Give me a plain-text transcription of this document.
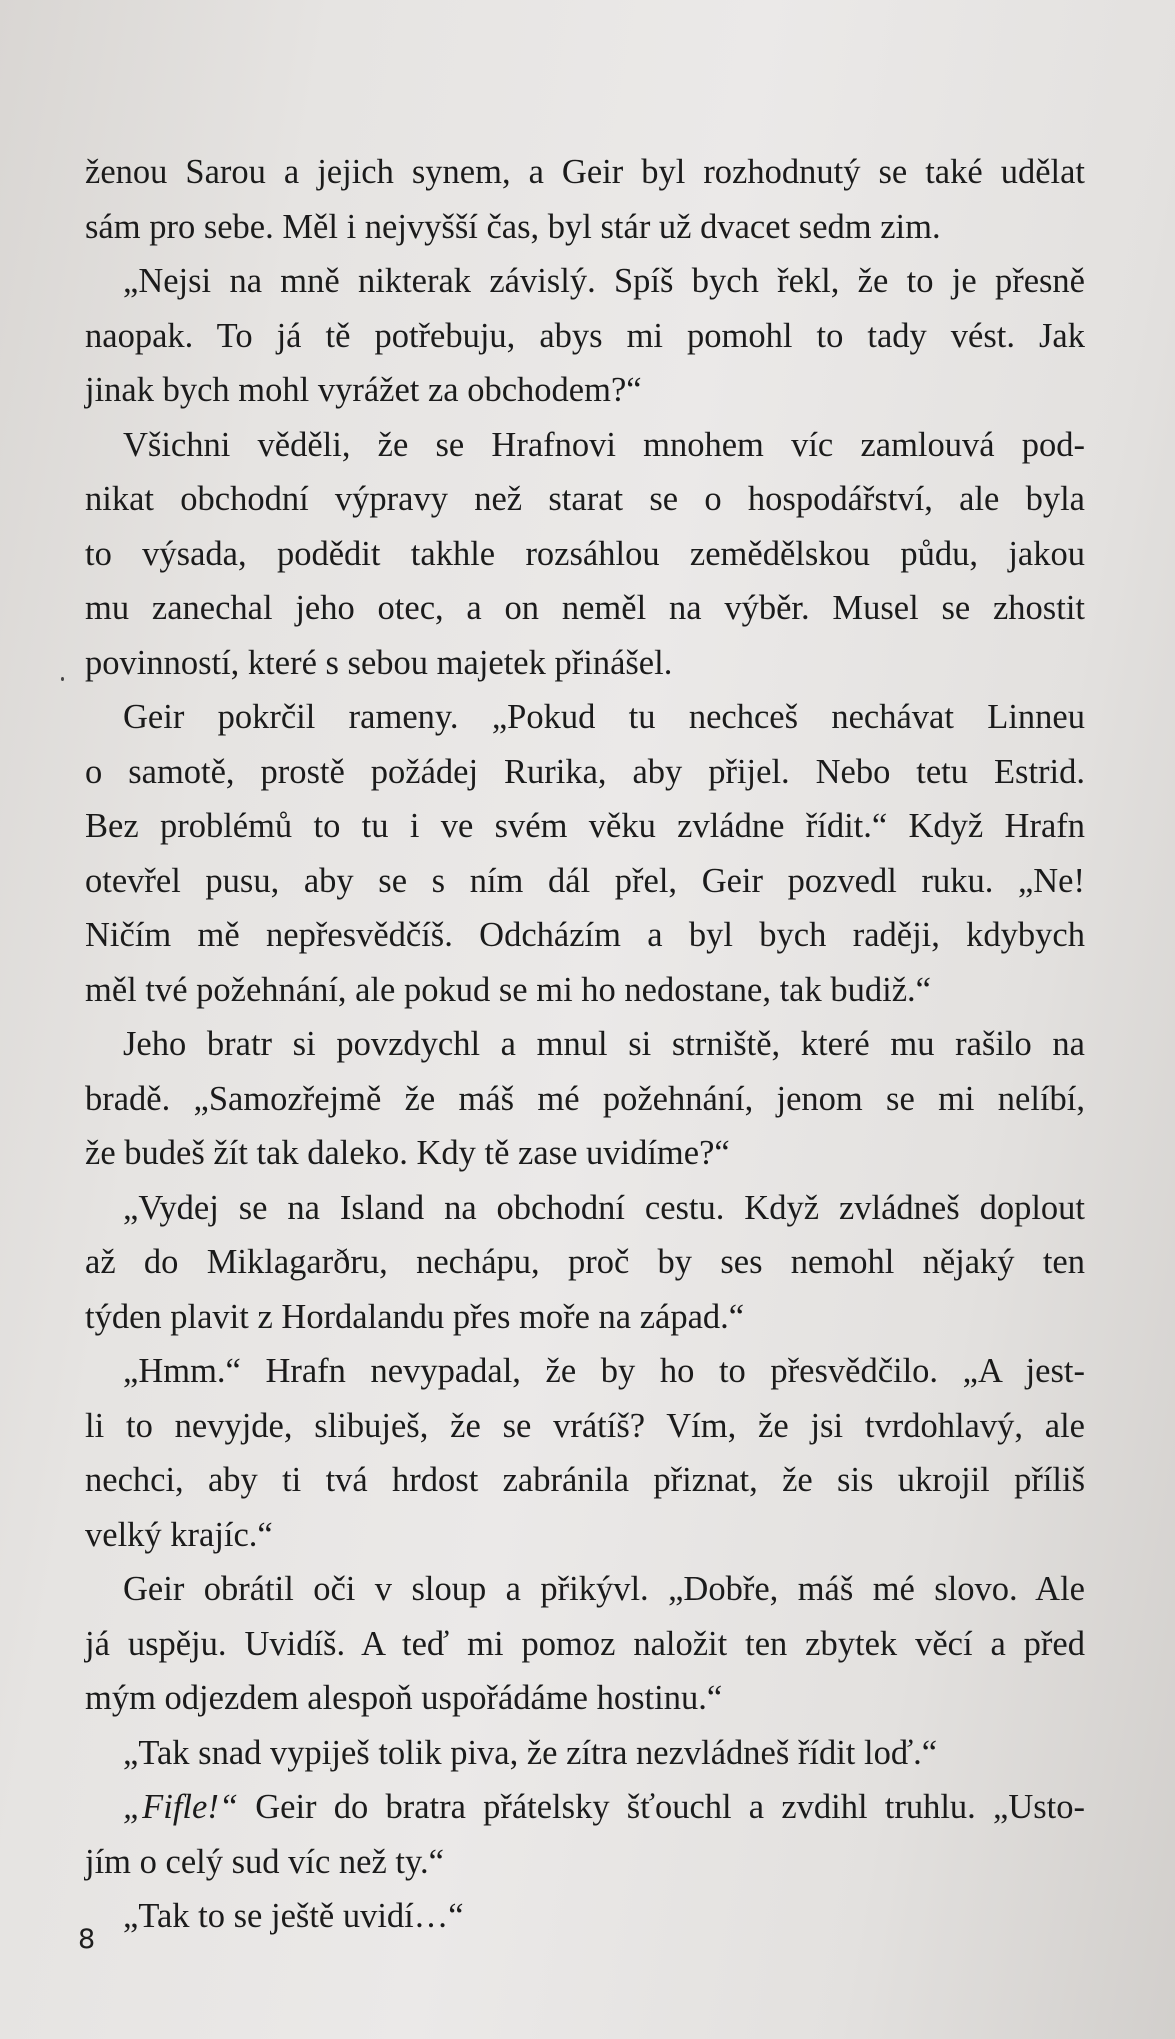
ženou Sarou a jejich synem, a Geir byl rozhodnutý se také udělat
sám pro sebe. Měl i nejvyšší čas, byl stár už dvacet sedm zim.
„Nejsi na mně nikterak závislý. Spíš bych řekl, že to je přesně
naopak. To já tě potřebuju, abys mi pomohl to tady vést. Jak
jinak bych mohl vyrážet za obchodem?“
Všichni věděli, že se Hrafnovi mnohem víc zamlouvá pod-
nikat obchodní výpravy než starat se o hospodářství, ale byla
to výsada, podědit takhle rozsáhlou zemědělskou půdu, jakou
mu zanechal jeho otec, a on neměl na výběr. Musel se zhostit
povinností, které s sebou majetek přinášel.
Geir pokrčil rameny. „Pokud tu nechceš nechávat Linneu
o samotě, prostě požádej Rurika, aby přijel. Nebo tetu Estrid.
Bez problémů to tu i ve svém věku zvládne řídit.“ Když Hrafn
otevřel pusu, aby se s ním dál přel, Geir pozvedl ruku. „Ne!
Ničím mě nepřesvědčíš. Odcházím a byl bych raději, kdybych
měl tvé požehnání, ale pokud se mi ho nedostane, tak budiž.“
Jeho bratr si povzdychl a mnul si strniště, které mu rašilo na
bradě. „Samozřejmě že máš mé požehnání, jenom se mi nelíbí,
že budeš žít tak daleko. Kdy tě zase uvidíme?“
„Vydej se na Island na obchodní cestu. Když zvládneš doplout
až do Miklagarðru, nechápu, proč by ses nemohl nějaký ten
týden plavit z Hordalandu přes moře na západ.“
„Hmm.“ Hrafn nevypadal, že by ho to přesvědčilo. „A jest-
li to nevyjde, slibuješ, že se vrátíš? Vím, že jsi tvrdohlavý, ale
nechci, aby ti tvá hrdost zabránila přiznat, že sis ukrojil příliš
velký krajíc.“
Geir obrátil oči v sloup a přikývl. „Dobře, máš mé slovo. Ale
já uspěju. Uvidíš. A teď mi pomoz naložit ten zbytek věcí a před
mým odjezdem alespoň uspořádáme hostinu.“
„Tak snad vypiješ tolik piva, že zítra nezvládneš řídit loď.“
„Fifle!“ Geir do bratra přátelsky šťouchl a zvdihl truhlu. „Usto-
jím o celý sud víc než ty.“
„Tak to se ještě uvidí…“
8
